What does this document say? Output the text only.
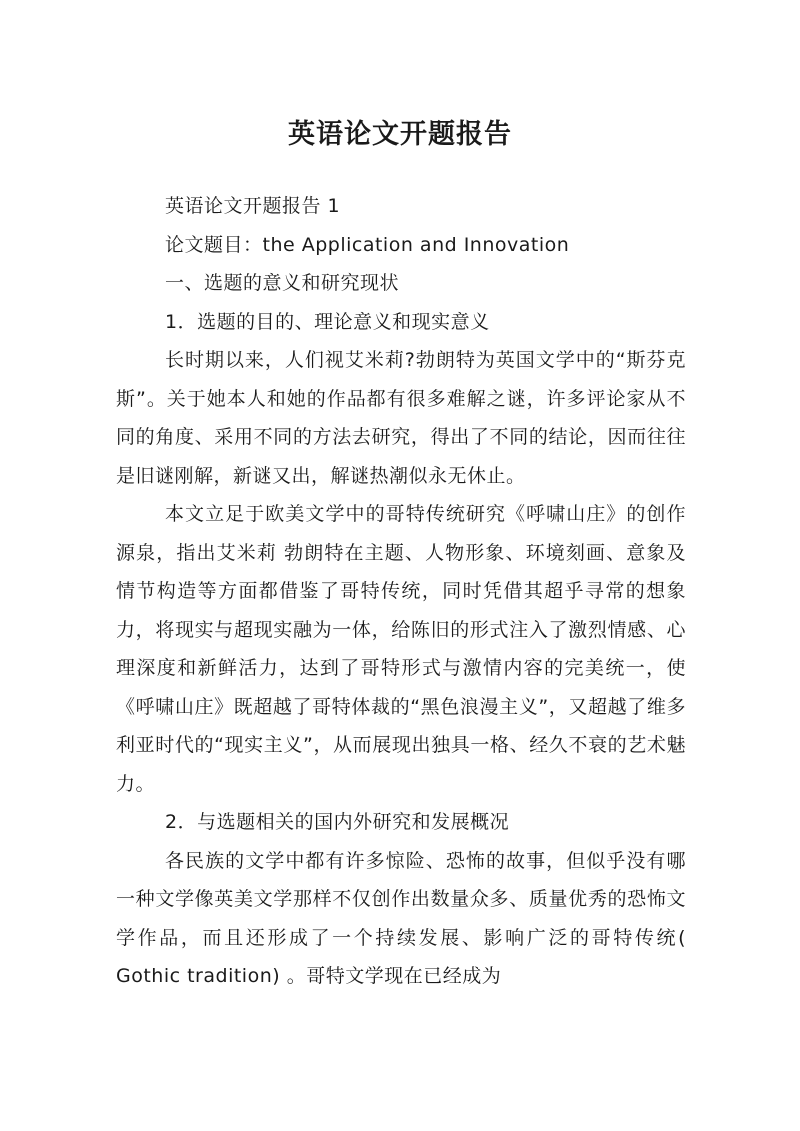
英语论文开题报告

英语论文开题报告 1

论文题目：the Application and Innovation

一、选题的意义和研究现状

1．选题的目的、理论意义和现实意义

长时期以来，人们视艾米莉?勃朗特为英国文学中的“斯芬克斯”。关于她本人和她的作品都有很多难解之谜，许多评论家从不同的角度、采用不同的方法去研究，得出了不同的结论，因而往往是旧谜刚解，新谜又出，解谜热潮似永无休止。

本文立足于欧美文学中的哥特传统研究《呼啸山庄》的创作源泉，指出艾米莉 勃朗特在主题、人物形象、环境刻画、意象及情节构造等方面都借鉴了哥特传统，同时凭借其超乎寻常的想象力，将现实与超现实融为一体，给陈旧的形式注入了激烈情感、心理深度和新鲜活力，达到了哥特形式与激情内容的完美统一，使《呼啸山庄》既超越了哥特体裁的“黑色浪漫主义”，又超越了维多利亚时代的“现实主义”，从而展现出独具一格、经久不衰的艺术魅力。

2．与选题相关的国内外研究和发展概况

各民族的文学中都有许多惊险、恐怖的故事，但似乎没有哪一种文学像英美文学那样不仅创作出数量众多、质量优秀的恐怖文学作品，而且还形成了一个持续发展、影响广泛的哥特传统( Gothic tradition) 。哥特文学现在已经成为
